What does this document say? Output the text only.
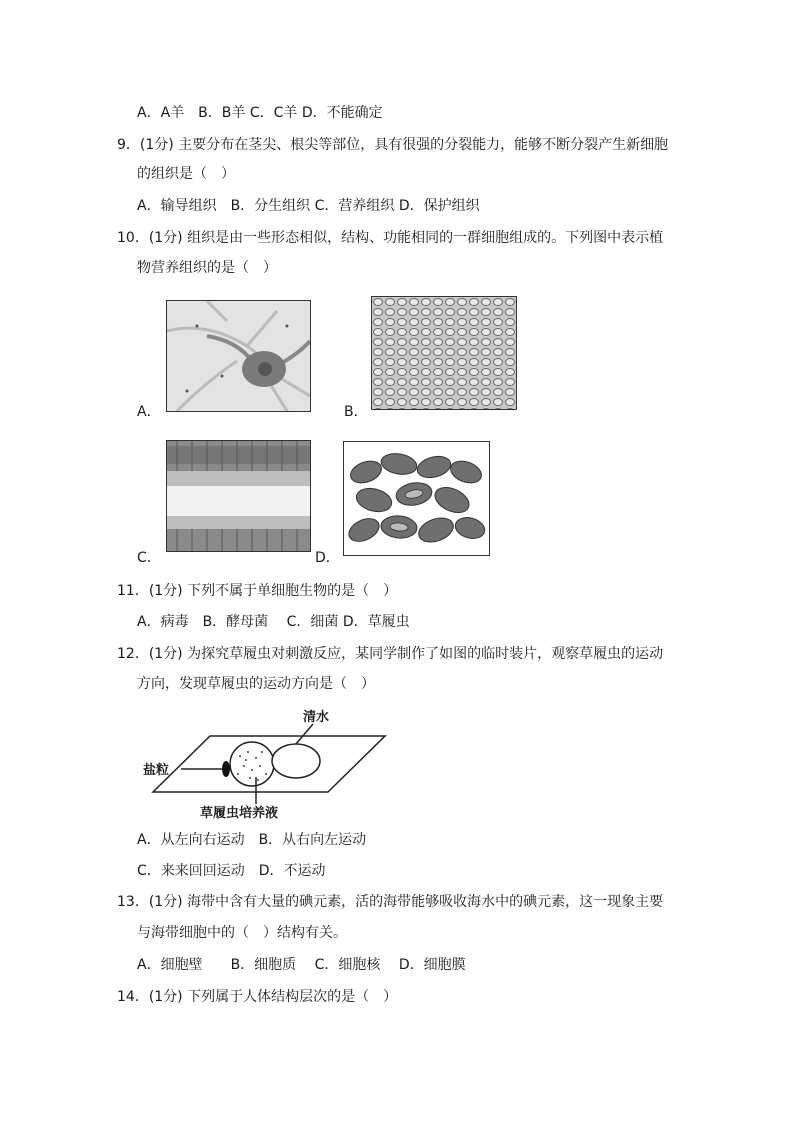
A．A羊　B．B羊 C．C羊 D．不能确定
9．(1分) 主要分布在茎尖、根尖等部位，具有很强的分裂能力，能够不断分裂产生新细胞
的组织是（　）
A．输导组织　B．分生组织 C．营养组织 D．保护组织
10．(1分) 组织是由一些形态相似，结构、功能相同的一群细胞组成的。下列图中表示植
物营养组织的是（　）
A．	B．
C．	D．
11．(1分) 下列不属于单细胞生物的是（　）
A．病毒　B．酵母菌　 C．细菌 D．草履虫
12．(1分) 为探究草履虫对刺激反应，某同学制作了如图的临时装片，观察草履虫的运动
方向，发现草履虫的运动方向是（　）
清水
盐粒
草履虫培养液
A．从左向右运动　B．从右向左运动
C．来来回回运动　D．不运动
13．(1分) 海带中含有大量的碘元素，活的海带能够吸收海水中的碘元素，这一现象主要
与海带细胞中的（　）结构有关。
A．细胞壁　　B．细胞质　 C．细胞核　 D．细胞膜
14．(1分) 下列属于人体结构层次的是（　）
